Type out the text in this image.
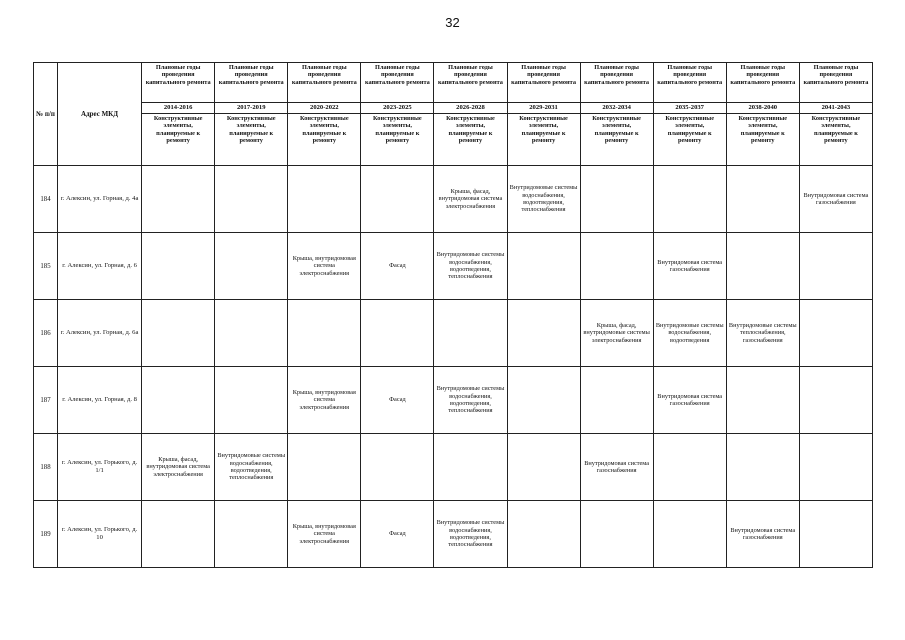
32
№ п/п	Адрес МКД	Плановые годы проведения капитального ремонта	Плановые годы проведения капитального ремонта	Плановые годы проведения капитального ремонта	Плановые годы проведения капитального ремонта	Плановые годы проведения капитального ремонта	Плановые годы проведения капитального ремонта	Плановые годы проведения капитального ремонта	Плановые годы проведения капитального ремонта	Плановые годы проведения капитального ремонта	Плановые годы проведения капитального ремонта
		2014-2016	2017-2019	2020-2022	2023-2025	2026-2028	2029-2031	2032-2034	2035-2037	2038-2040	2041-2043
		Конструктивные элементы, планируемые к ремонту	Конструктивные элементы, планируемые к ремонту	Конструктивные элементы, планируемые к ремонту	Конструктивные элементы, планируемые к ремонту	Конструктивные элементы, планируемые к ремонту	Конструктивные элементы, планируемые к ремонту	Конструктивные элементы, планируемые к ремонту	Конструктивные элементы, планируемые к ремонту	Конструктивные элементы, планируемые к ремонту	Конструктивные элементы, планируемые к ремонту
184	г. Алексин, ул. Горная, д. 4а					Крыша, фасад, внутридомовая система электроснабжения	Внутридомовые системы водоснабжения, водоотведения, теплоснабжения				Внутридомовая система газоснабжения
185	г. Алексин, ул. Горная, д. 6			Крыша, внутридомовая система электроснабжения	Фасад	Внутридомовые системы водоснабжения, водоотведения, теплоснабжения			Внутридомовая система газоснабжения		
186	г. Алексин, ул. Горная, д. 6а							Крыша, фасад, внутридомовые системы электроснабжения	Внутридомовые системы водоснабжения, водоотведения	Внутридомовые системы теплоснабжения, газоснабжения	
187	г. Алексин, ул. Горная, д. 8			Крыша, внутридомовая система электроснабжения	Фасад	Внутридомовые системы водоснабжения, водоотведения, теплоснабжения			Внутридомовая система газоснабжения		
188	г. Алексин, ул. Горького, д. 1/1	Крыша, фасад, внутридомовая система электроснабжения	Внутридомовые системы водоснабжения, водоотведения, теплоснабжения					Внутридомовая система газоснабжения			
189	г. Алексин, ул. Горького, д. 10			Крыша, внутридомовая система электроснабжения	Фасад	Внутридомовые системы водоснабжения, водоотведения, теплоснабжения				Внутридомовая система газоснабжения	
